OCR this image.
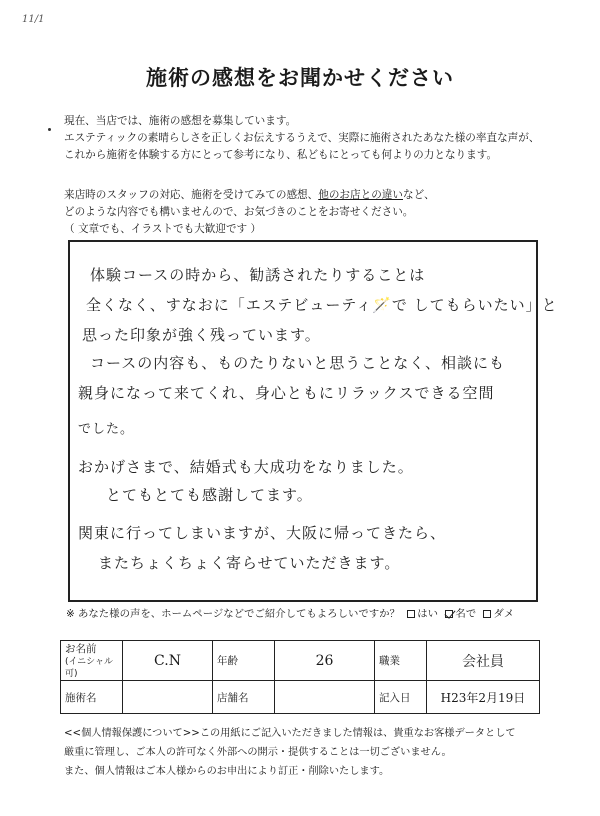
11/1
施術の感想をお聞かせください
現在、当店では、施術の感想を募集しています。
エステティックの素晴らしさを正しくお伝えするうえで、実際に施術されたあなた様の率直な声が、
これから施術を体験する方にとって参考になり、私どもにとっても何よりの力となります。
来店時のスタッフの対応、施術を受けてみての感想、他のお店との違いなど、
どのような内容でも構いませんので、お気づきのことをお寄せください。
（ 文章でも、イラストでも大歓迎です ）
体験コースの時から、勧誘されたりすることは
全くなく、すなおに「エステビューティ🪄で してもらいたい」と
思った印象が強く残っています。
コースの内容も、ものたりないと思うことなく、相談にも
親身になって来てくれ、身心ともにリラックスできる空間
でした。
おかげさまで、結婚式も大成功をなりました。
とてもとても感謝してます。
関東に行ってしまいますが、大阪に帰ってきたら、
またちょくちょく寄らせていただきます。
※ あなた様の声を、ホームページなどでご紹介してもよろしいですか？ はい 名で ダメ
お名前
(イニシャル可)	C.N	年齢	26	職業	会社員
施術名		店舗名		記入日	H23年2月19日
<<個人情報保護について>>この用紙にご記入いただきました情報は、貴重なお客様データとして
厳重に管理し、ご本人の許可なく外部への開示・提供することは一切ございません。
また、個人情報はご本人様からのお申出により訂正・削除いたします。
